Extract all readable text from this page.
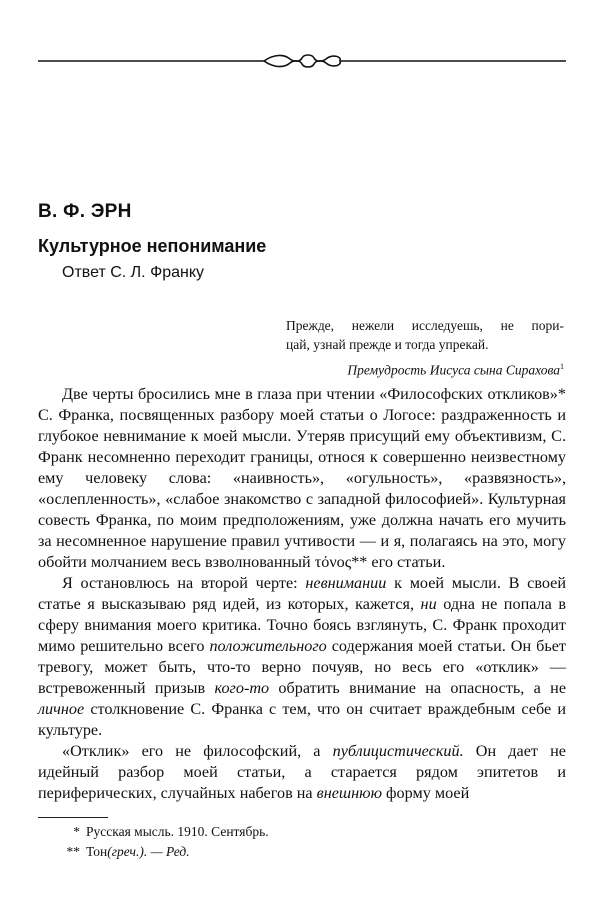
В. Ф. ЭРН
Культурное непонимание
Ответ С. Л. Франку
Прежде, нежели исследуешь, не пори-
цай, узнай прежде и тогда упрекай.
Премудрость Иисуса сына Сирахова$^1$

Две черты бросились мне в глаза при чтении «Философских откликов»* С. Франка, посвященных разбору моей статьи о Логосе: раздраженность и глубокое невнимание к моей мысли. Утеряв присущий ему объективизм, С. Франк несомненно переходит границы, относя к совершенно неизвестному ему человеку слова: «наивность», «огульность», «развязность», «ослепленность», «слабое знакомство с западной философией». Культурная совесть Франка, по моим предположениям, уже должна начать его мучить за несомненное нарушение правил учтивости — и я, полагаясь на это, могу обойти молчанием весь взволнованный τόνος** его статьи.

Я остановлюсь на второй черте: невнимании к моей мысли. В своей статье я высказываю ряд идей, из которых, кажется, ни одна не попала в сферу внимания моего критика. Точно боясь взглянуть, С. Франк проходит мимо решительно всего положительного содержания моей статьи. Он бьет тревогу, может быть, что-то верно почуяв, но весь его «отклик» — встревоженный призыв кого-то обратить внимание на опасность, а не личное столкновение С. Франка с тем, что он считает враждебным себе и культуре.

«Отклик» его не философский, а публицистический. Он дает не идейный разбор моей статьи, а старается рядом эпитетов и периферических, случайных набегов на внешнюю форму моей

* Русская мысль. 1910. Сентябрь.
** Тон(греч.). — Ред.
